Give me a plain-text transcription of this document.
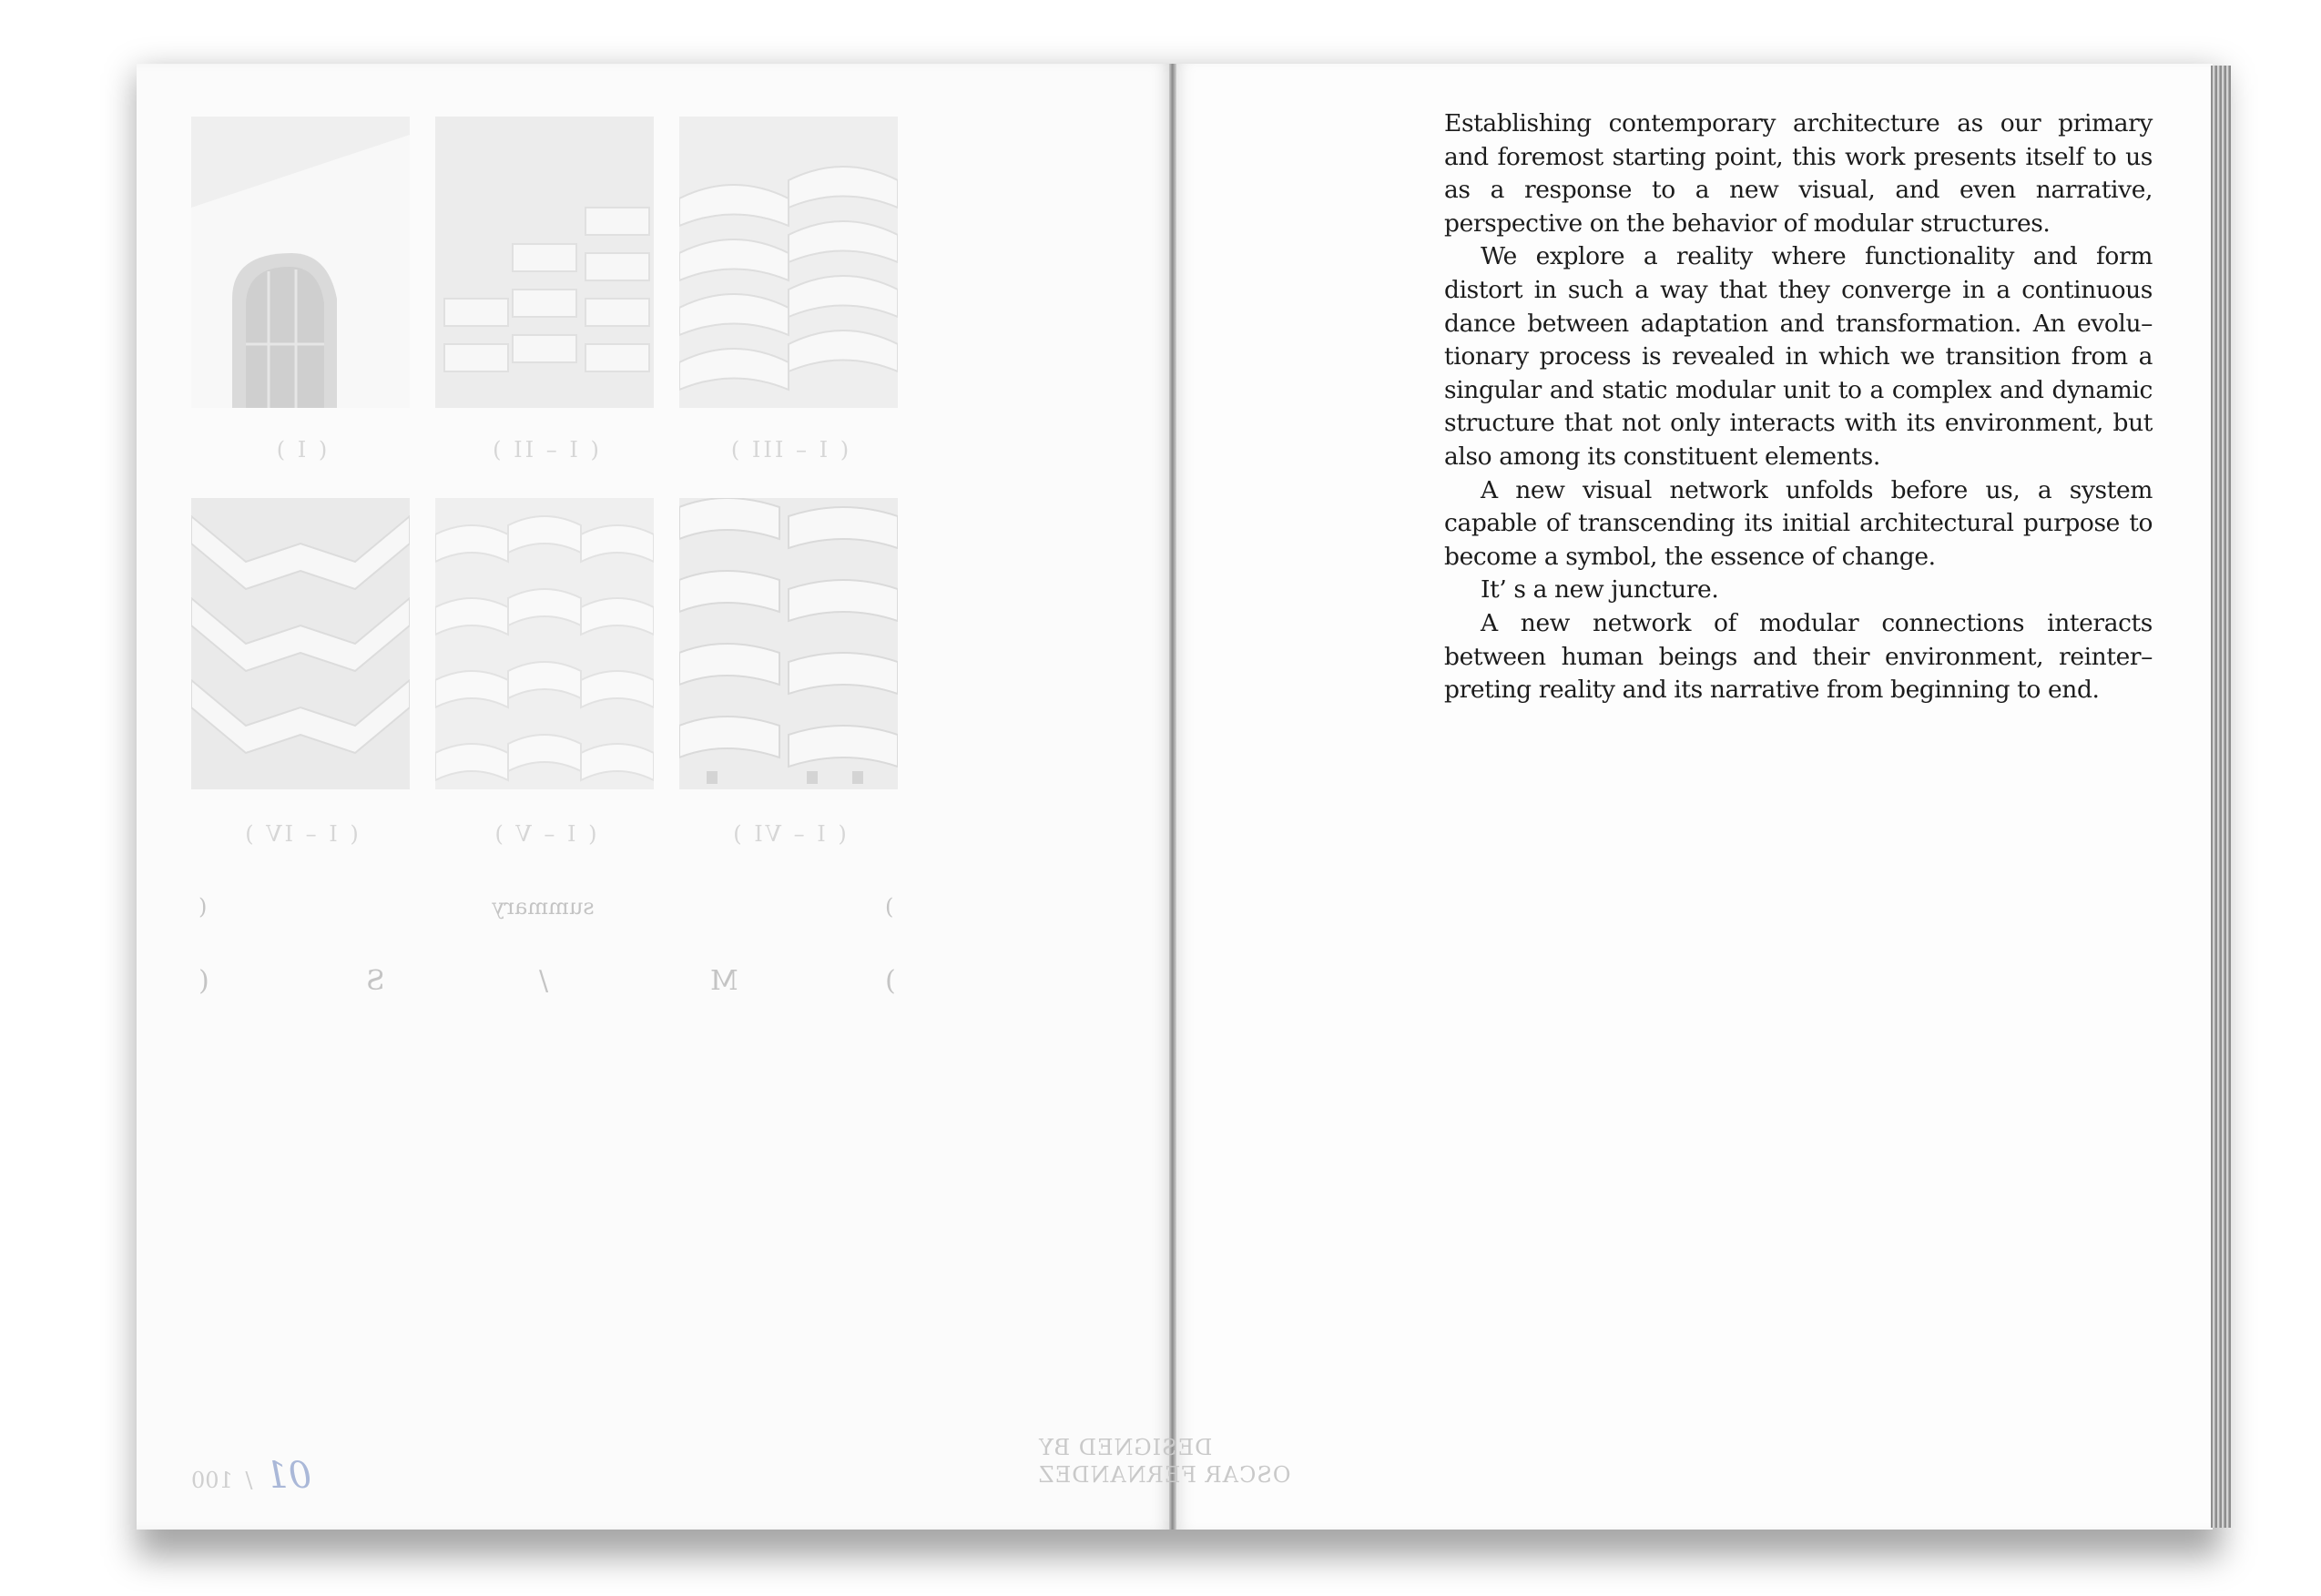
( I )	( I – II )	( I – III )
( I – IV )	( I – V )	( I – VI )
(	summary	)
(	S	/	M	)
DESIGNED BY
OSCAR FERNANDEZ
01 / 100

Establishing contemporary architecture as our primary and foremost starting point, this work presents itself to us as a response to a new visual, and even narrative, perspective on the behavior of modular structures.

We explore a reality where functionality and form distort in such a way that they converge in a continuous dance between adaptation and transformation. An evolu–tionary process is revealed in which we transition from a singular and static modular unit to a complex and dynamic structure that not only interacts with its environment, but also among its constituent elements.

A new visual network unfolds before us, a system capable of transcending its initial architectural purpose to become a symbol, the essence of change.

It’ s a new juncture.

A new network of modular connections interacts between human beings and their environment, reinter–preting reality and its narrative from beginning to end.
